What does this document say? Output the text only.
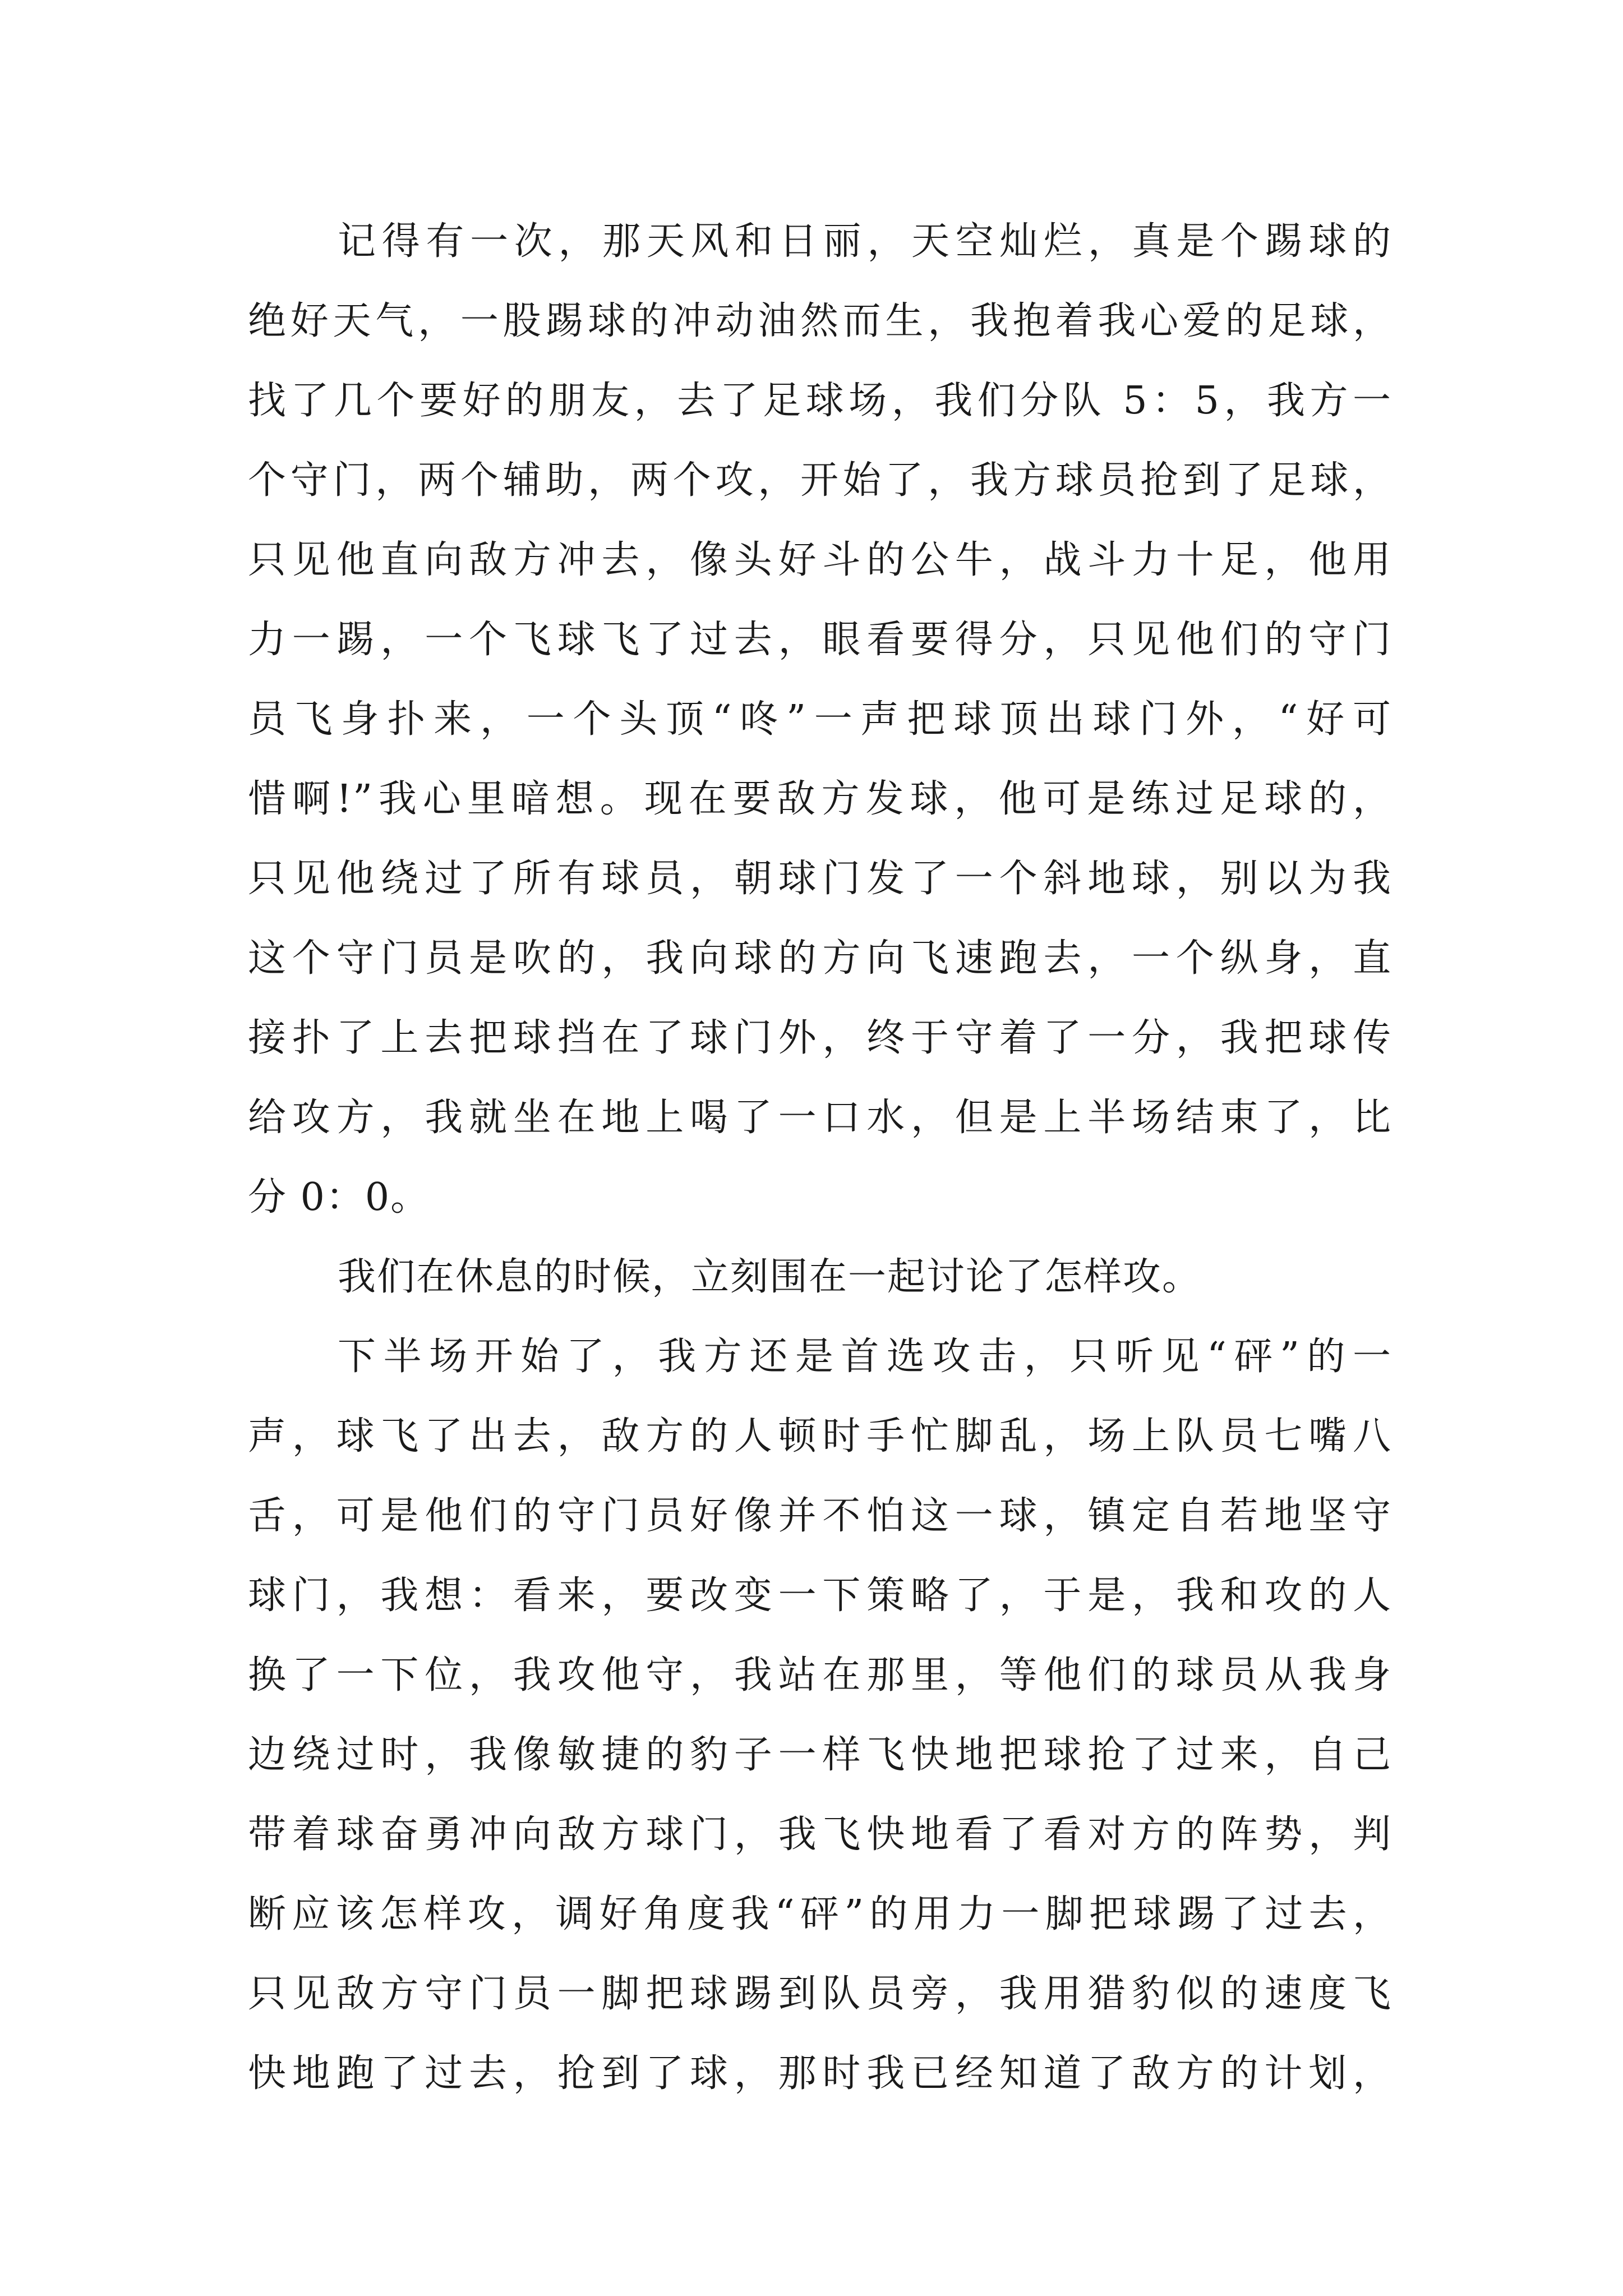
记得有一次，那天风和日丽，天空灿烂，真是个踢球的
绝好天气，一股踢球的冲动油然而生，我抱着我心爱的足球，
找了几个要好的朋友，去了足球场，我们分队 5：5，我方一
个守门，两个辅助，两个攻，开始了，我方球员抢到了足球，
只见他直向敌方冲去，像头好斗的公牛，战斗力十足，他用
力一踢，一个飞球飞了过去，眼看要得分，只见他们的守门
员飞身扑来，一个头顶“咚”一声把球顶出球门外，“好可
惜啊!”我心里暗想。现在要敌方发球，他可是练过足球的，
只见他绕过了所有球员，朝球门发了一个斜地球，别以为我
这个守门员是吹的，我向球的方向飞速跑去，一个纵身，直
接扑了上去把球挡在了球门外，终于守着了一分，我把球传
给攻方，我就坐在地上喝了一口水，但是上半场结束了，比
分 0：0。
我们在休息的时候，立刻围在一起讨论了怎样攻。
下半场开始了，我方还是首选攻击，只听见“砰”的一
声，球飞了出去，敌方的人顿时手忙脚乱，场上队员七嘴八
舌，可是他们的守门员好像并不怕这一球，镇定自若地坚守
球门，我想：看来，要改变一下策略了，于是，我和攻的人
换了一下位，我攻他守，我站在那里，等他们的球员从我身
边绕过时，我像敏捷的豹子一样飞快地把球抢了过来，自己
带着球奋勇冲向敌方球门，我飞快地看了看对方的阵势，判
断应该怎样攻，调好角度我“砰”的用力一脚把球踢了过去，
只见敌方守门员一脚把球踢到队员旁，我用猎豹似的速度飞
快地跑了过去，抢到了球，那时我已经知道了敌方的计划，
